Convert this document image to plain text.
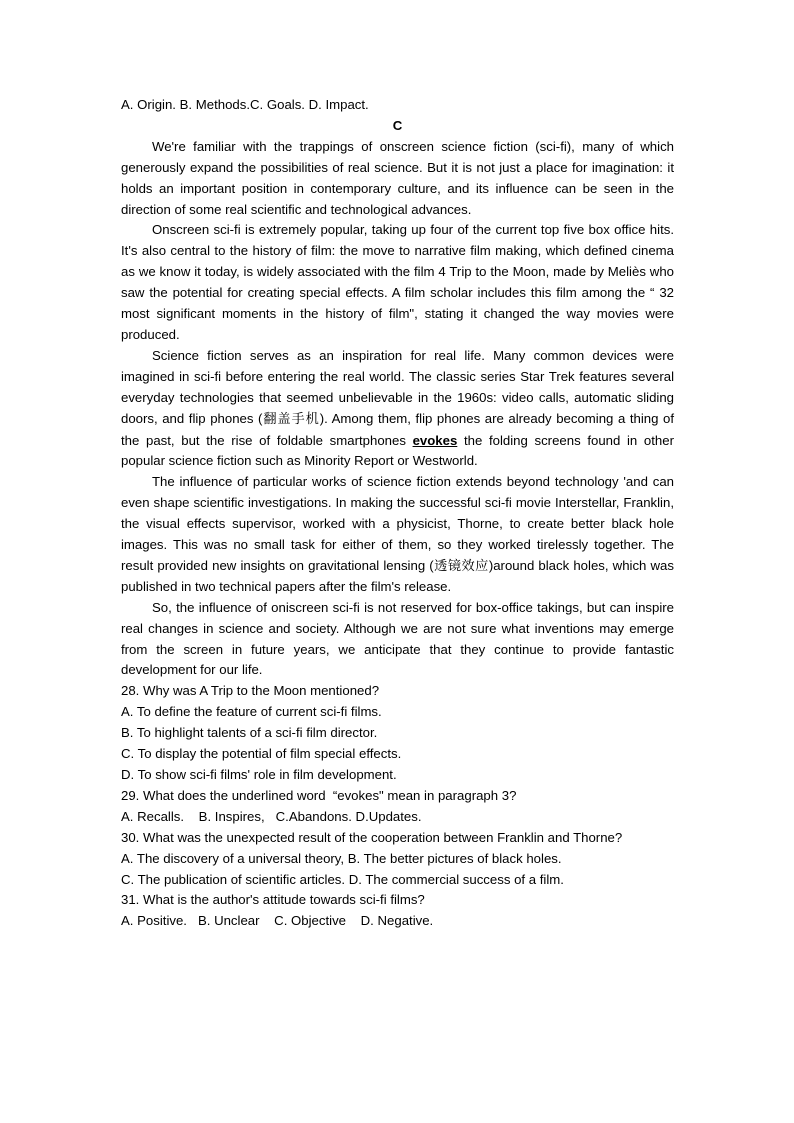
A. Origin. B. Methods.C. Goals. D. Impact.
C

We're familiar with the trappings of onscreen science fiction (sci-fi), many of which generously expand the possibilities of real science. But it is not just a place for imagination: it holds an important position in contemporary culture, and its influence can be seen in the direction of some real scientific and technological advances.

Onscreen sci-fi is extremely popular, taking up four of the current top five box office hits. It's also central to the history of film: the move to narrative film making, which defined cinema as we know it today, is widely associated with the film 4 Trip to the Moon, made by Meliès who saw the potential for creating special effects. A film scholar includes this film among the “ 32 most significant moments in the history of film", stating it changed the way movies were produced.

Science fiction serves as an inspiration for real life. Many common devices were imagined in sci-fi before entering the real world. The classic series Star Trek features several everyday technologies that seemed unbelievable in the 1960s: video calls, automatic sliding doors, and flip phones (翻盖手机). Among them, flip phones are already becoming a thing of the past, but the rise of foldable smartphones evokes the folding screens found in other popular science fiction such as Minority Report or Westworld.

The influence of particular works of science fiction extends beyond technology 'and can even shape scientific investigations. In making the successful sci-fi movie Interstellar, Franklin, the visual effects supervisor, worked with a physicist, Thorne, to create better black hole images. This was no small task for either of them, so they worked tirelessly together. The result provided new insights on gravitational lensing (透镜效应)around black holes, which was published in two technical papers after the film's release.

So, the influence of oniscreen sci-fi is not reserved for box-office takings, but can inspire real changes in science and society. Although we are not sure what inventions may emerge from the screen in future years, we anticipate that they continue to provide fantastic development for our life.

28. Why was A Trip to the Moon mentioned?
A. To define the feature of current sci-fi films.
B. To highlight talents of a sci-fi film director.
C. To display the potential of film special effects.
D. To show sci-fi films' role in film development.
29. What does the underlined word  “evokes" mean in paragraph 3?
A. Recalls.    B. Inspires,   C.Abandons. D.Updates.
30. What was the unexpected result of the cooperation between Franklin and Thorne?
A. The discovery of a universal theory, B. The better pictures of black holes.
C. The publication of scientific articles. D. The commercial success of a film.
31. What is the author's attitude towards sci-fi films?
A. Positive.   B. Unclear    C. Objective    D. Negative.
